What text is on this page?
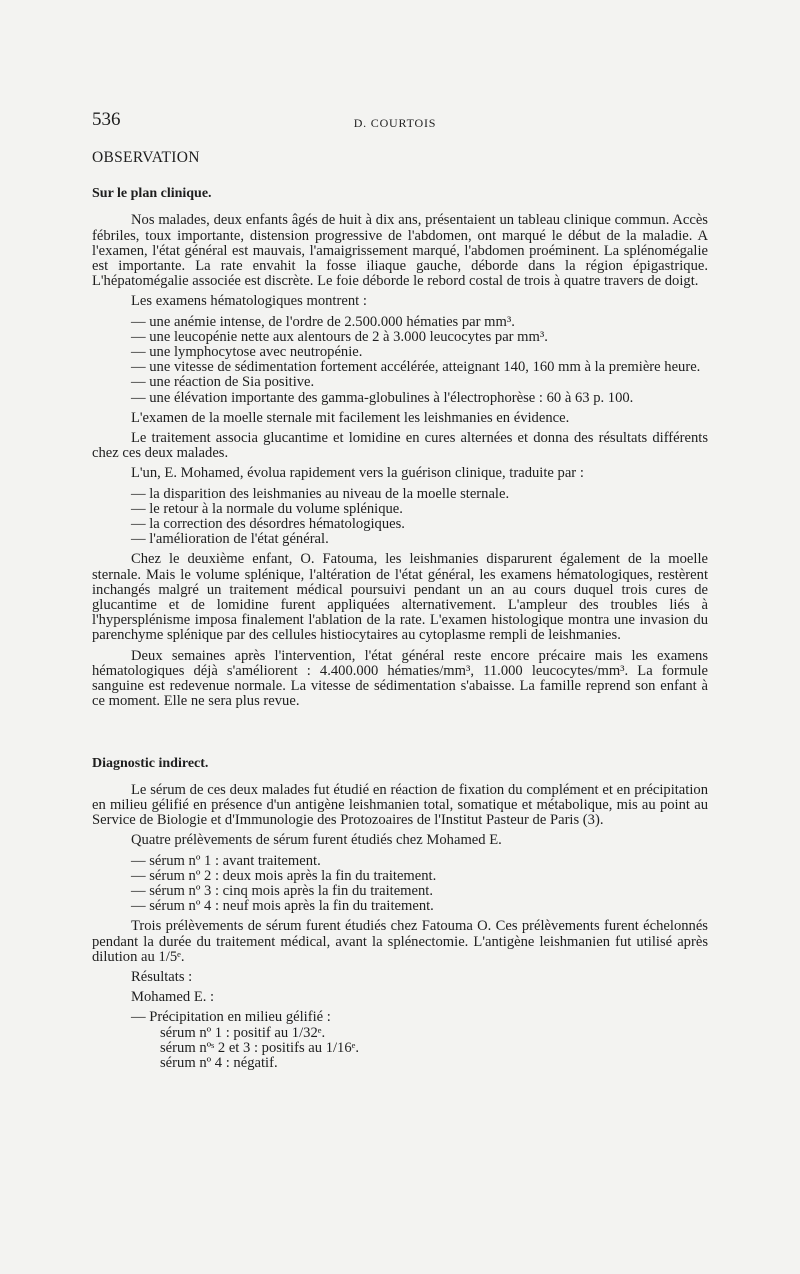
536	D. COURTOIS
OBSERVATION
Sur le plan clinique.

Nos malades, deux enfants âgés de huit à dix ans, présentaient un tableau clinique commun. Accès fébriles, toux importante, distension progressive de l'abdomen, ont marqué le début de la maladie. A l'examen, l'état général est mauvais, l'amaigrissement marqué, l'abdomen proéminent. La splénomégalie est importante. La rate envahit la fosse iliaque gauche, déborde dans la région épigastrique. L'hépatomégalie associée est discrète. Le foie déborde le rebord costal de trois à quatre travers de doigt.

Les examens hématologiques montrent :

— une anémie intense, de l'ordre de 2.500.000 hématies par mm³.
— une leucopénie nette aux alentours de 2 à 3.000 leucocytes par mm³.
— une lymphocytose avec neutropénie.
— une vitesse de sédimentation fortement accélérée, atteignant 140, 160 mm à la première heure.
— une réaction de Sia positive.
— une élévation importante des gamma-globulines à l'électrophorèse : 60 à 63 p. 100.

L'examen de la moelle sternale mit facilement les leishmanies en évidence.

Le traitement associa glucantime et lomidine en cures alternées et donna des résultats différents chez ces deux malades.

L'un, E. Mohamed, évolua rapidement vers la guérison clinique, traduite par :

— la disparition des leishmanies au niveau de la moelle sternale.
— le retour à la normale du volume splénique.
— la correction des désordres hématologiques.
— l'amélioration de l'état général.

Chez le deuxième enfant, O. Fatouma, les leishmanies disparurent également de la moelle sternale. Mais le volume splénique, l'altération de l'état général, les examens hématologiques, restèrent inchangés malgré un traitement médical poursuivi pendant un an au cours duquel trois cures de glucantime et de lomidine furent appliquées alternativement. L'ampleur des troubles liés à l'hypersplénisme imposa finalement l'ablation de la rate. L'examen histologique montra une invasion du parenchyme splénique par des cellules histiocytaires au cytoplasme rempli de leishmanies.

Deux semaines après l'intervention, l'état général reste encore précaire mais les examens hématologiques déjà s'améliorent : 4.400.000 hématies/mm³, 11.000 leucocytes/mm³. La formule sanguine est redevenue normale. La vitesse de sédimentation s'abaisse. La famille reprend son enfant à ce moment. Elle ne sera plus revue.

Diagnostic indirect.

Le sérum de ces deux malades fut étudié en réaction de fixation du complément et en précipitation en milieu gélifié en présence d'un antigène leishmanien total, somatique et métabolique, mis au point au Service de Biologie et d'Immunologie des Protozoaires de l'Institut Pasteur de Paris (3).

Quatre prélèvements de sérum furent étudiés chez Mohamed E.

— sérum nº 1 : avant traitement.
— sérum nº 2 : deux mois après la fin du traitement.
— sérum nº 3 : cinq mois après la fin du traitement.
— sérum nº 4 : neuf mois après la fin du traitement.

Trois prélèvements de sérum furent étudiés chez Fatouma O. Ces prélèvements furent échelonnés pendant la durée du traitement médical, avant la splénectomie. L'antigène leishmanien fut utilisé après dilution au 1/5ᵉ.

Résultats :
Mohamed E. :
— Précipitation en milieu gélifié :
sérum nº 1 : positif au 1/32ᵉ.
sérum nºˢ 2 et 3 : positifs au 1/16ᵉ.
sérum nº 4 : négatif.
